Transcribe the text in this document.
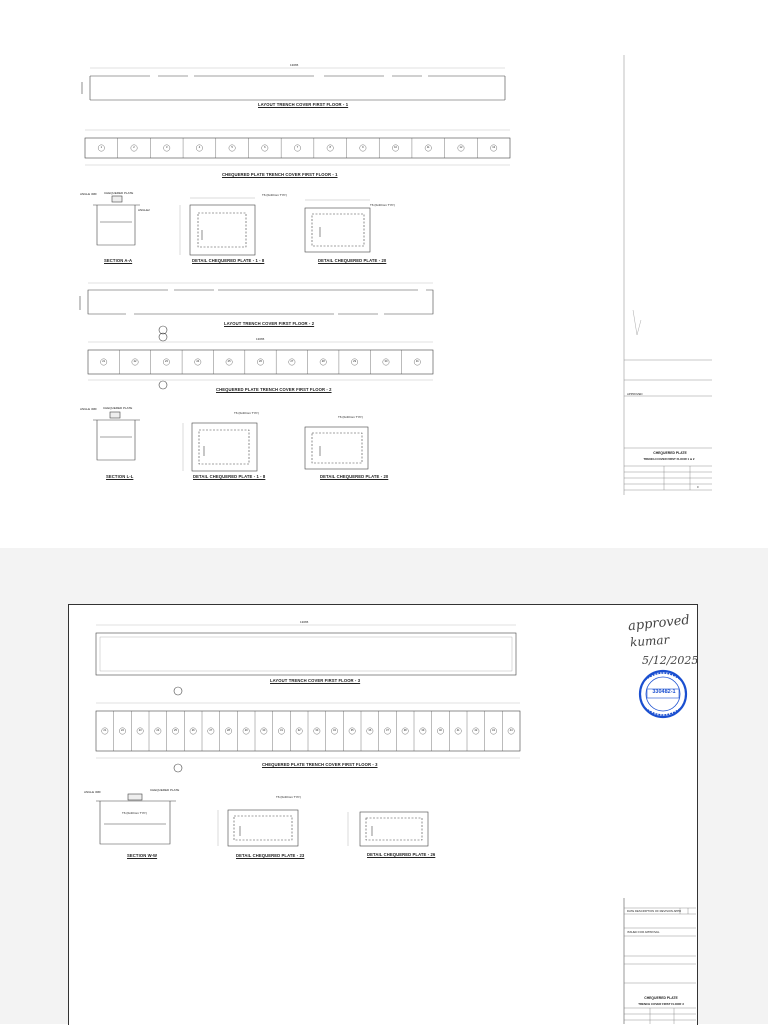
LAYOUT TRENCH COVER FIRST FLOOR - 1
13065
1	2	3	4	5	6	7	8	9	10	11	12	13
CHEQUERED PLATE TRENCH COVER FIRST FLOOR - 1
ANGLE 3MF CHEQUERED PLATE
ANGLE2
T6 (6x40mm TYP.)
T6 (6x40mm TYP.)
SECTION A-A	DETAIL CHEQUERED PLATE - 1 - 8	DETAIL CHEQUERED PLATE - 20
LAYOUT TRENCH COVER FIRST FLOOR - 2
13065
21	22	23	24	25	26	27	28	29	30	31
CHEQUERED PLATE TRENCH COVER FIRST FLOOR - 2
ANGLE 3MF CHEQUERED PLATE
T6 (6x40mm TYP.)
T6 (6x40mm TYP.)
SECTION L-L	DETAIL CHEQUERED PLATE - 1 - 8	DETAIL CHEQUERED PLATE - 20
APPROVED
CHEQUERED PLATE
TRENCH COVER FIRST FLOOR 1 & 2
0
LAYOUT TRENCH COVER FIRST FLOOR - 3
13065
21	22	23	24	25	26	27	28	29	30	31	32	33	34	35	36	37	38	39	40	41	42	43	44
CHEQUERED PLATE TRENCH COVER FIRST FLOOR - 3
ANGLE 3MF	CHEQUERED PLATE
T6 (6x40mm TYP.)
T6 (6x40mm TYP.)
SECTION W-W	DETAIL CHEQUERED PLATE - 23	DETAIL CHEQUERED PLATE - 26
approved
kumar
5/12/2025
330482-1
DATE DESCRIPTION OF REVISION APPD
ISSUED FOR APPROVAL
CHEQUERED PLATE
TRENCH COVER FIRST FLOOR 3
